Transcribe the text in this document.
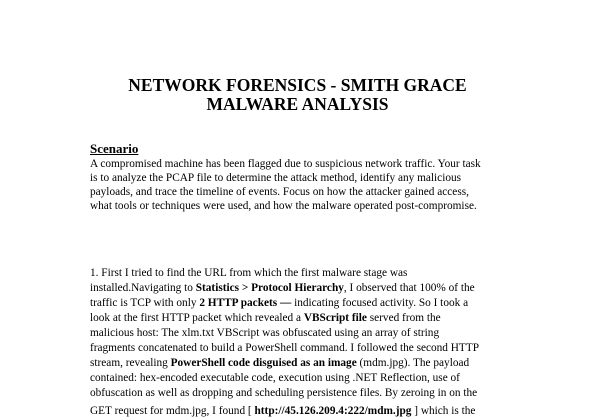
NETWORK FORENSICS - SMITH GRACE
MALWARE ANALYSIS
Scenario
A compromised machine has been flagged due to suspicious network traffic. Your task
is to analyze the PCAP file to determine the attack method, identify any malicious
payloads, and trace the timeline of events. Focus on how the attacker gained access,
what tools or techniques were used, and how the malware operated post-compromise.
1. First I tried to find the URL from which the first malware stage was
installed.Navigating to Statistics > Protocol Hierarchy, I observed that 100% of the
traffic is TCP with only 2 HTTP packets — indicating focused activity. So I took a
look at the first HTTP packet which revealed a VBScript file served from the
malicious host: The xlm.txt VBScript was obfuscated using an array of string
fragments concatenated to build a PowerShell command. I followed the second HTTP
stream, revealing PowerShell code disguised as an image (mdm.jpg). The payload
contained: hex-encoded executable code, execution using .NET Reflection, use of
obfuscation as well as dropping and scheduling persistence files. By zeroing in on the
GET request for mdm.jpg, I found [ http://45.126.209.4:222/mdm.jpg ] which is the
